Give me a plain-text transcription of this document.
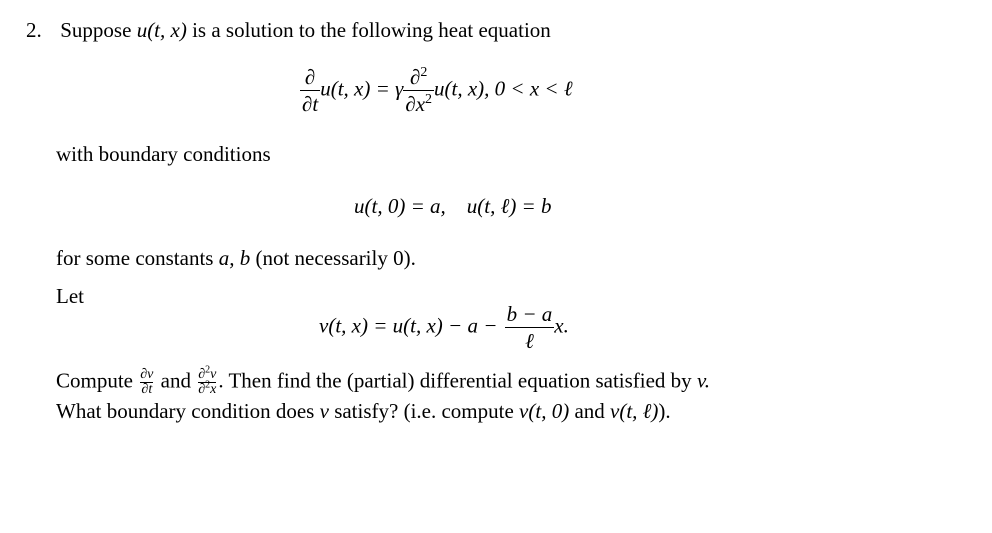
2. Suppose u(t, x) is a solution to the following heat equation
$\frac{\partial}{\partial t} u(t$, x) = γ $\frac{\partial^2}{\partial x^2} u(t$, x), 0 < x < ℓ
with boundary conditions
u(t, 0) = a,    u(t, ℓ) = b
for some constants a, b (not necessarily 0).
Let
v(t, x) = u(t, $x) - a - \frac{b - a}{\text{ℓ}} x$.
Compute $\frac{\partial v}{\partial t}$ and $\frac{\partial^2v}{\partial^2x}$ . Then find the (partial) differential equation satisfied by v.
What boundary condition does v satisfy? (i.e. compute v(t, 0) and v(t, ℓ)).
